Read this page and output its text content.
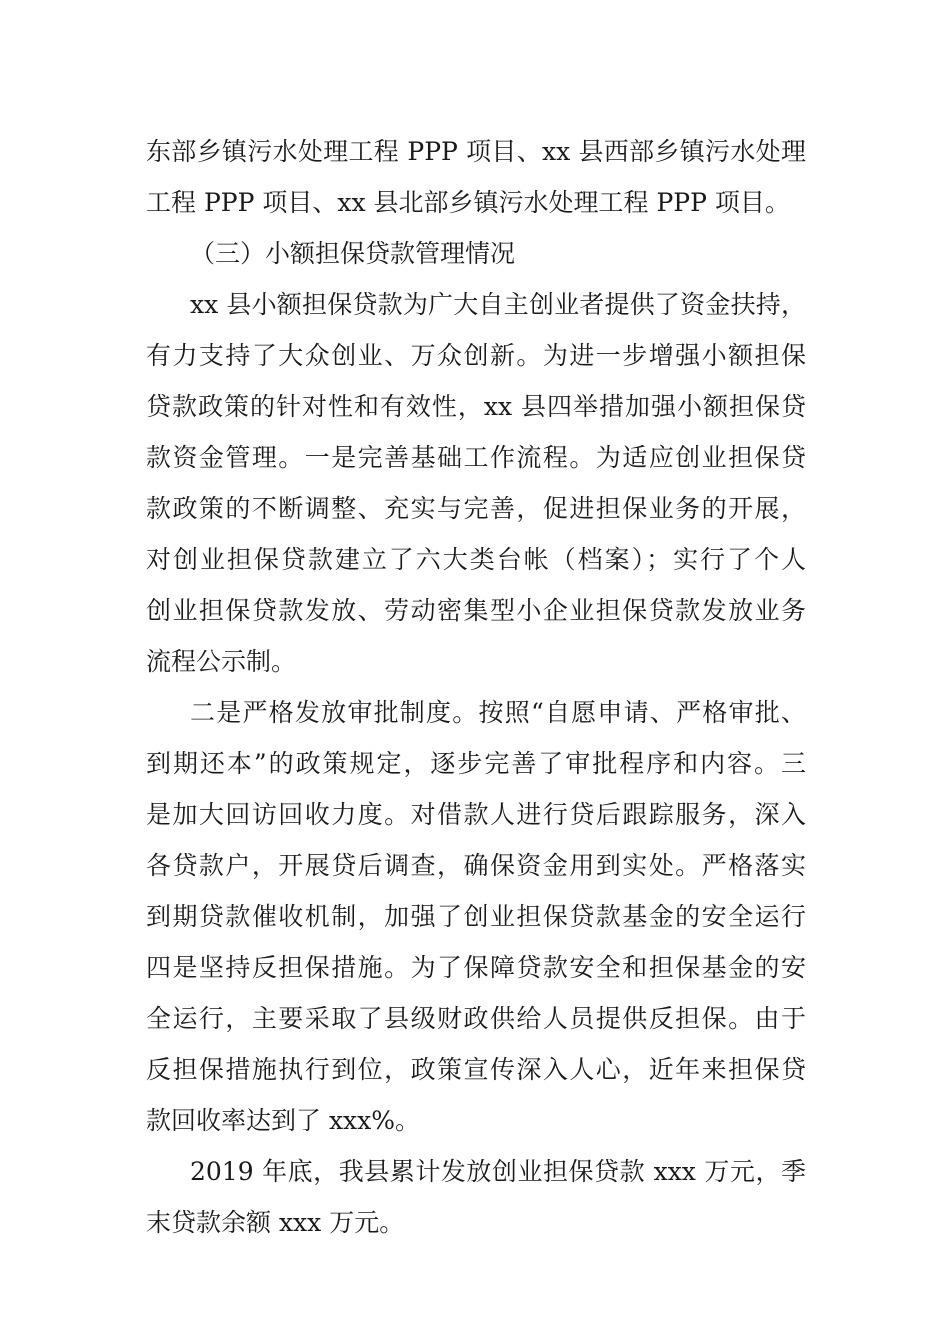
东部乡镇污水处理工程 PPP 项目、xx 县西部乡镇污水处理
工程 PPP 项目、xx 县北部乡镇污水处理工程 PPP 项目。
（三）小额担保贷款管理情况
xx 县小额担保贷款为广大自主创业者提供了资金扶持，
有力支持了大众创业、万众创新。为进一步增强小额担保
贷款政策的针对性和有效性，xx 县四举措加强小额担保贷
款资金管理。一是完善基础工作流程。为适应创业担保贷
款政策的不断调整、充实与完善，促进担保业务的开展，
对创业担保贷款建立了六大类台帐（档案）；实行了个人
创业担保贷款发放、劳动密集型小企业担保贷款发放业务
流程公示制。
二是严格发放审批制度。按照“自愿申请、严格审批、
到期还本”的政策规定，逐步完善了审批程序和内容。三
是加大回访回收力度。对借款人进行贷后跟踪服务，深入
各贷款户，开展贷后调查，确保资金用到实处。严格落实
到期贷款催收机制，加强了创业担保贷款基金的安全运行
四是坚持反担保措施。为了保障贷款安全和担保基金的安
全运行，主要采取了县级财政供给人员提供反担保。由于
反担保措施执行到位，政策宣传深入人心，近年来担保贷
款回收率达到了 xxx%。
2019 年底，我县累计发放创业担保贷款 xxx 万元，季
末贷款余额 xxx 万元。
